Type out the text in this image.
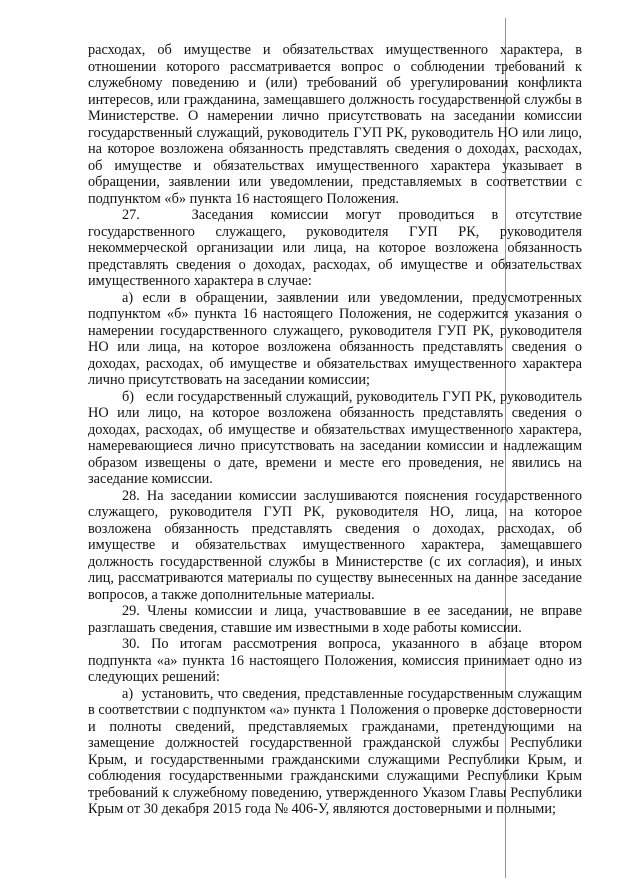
расходах, об имуществе и обязательствах имущественного характера, в отношении которого рассматривается вопрос о соблюдении требований к служебному поведению и (или) требований об урегулировании конфликта интересов, или гражданина, замещавшего должность государственной службы в Министерстве. О намерении лично присутствовать на заседании комиссии государственный служащий, руководитель ГУП РК, руководитель НО или лицо, на которое возложена обязанность представлять сведения о доходах, расходах, об имуществе и обязательствах имущественного характера указывает в обращении, заявлении или уведомлении, представляемых в соответствии с подпунктом «б» пункта 16 настоящего Положения.

27.   Заседания комиссии могут проводиться в отсутствие государственного служащего, руководителя ГУП РК, руководителя некоммерческой организации или лица, на которое возложена обязанность представлять сведения о доходах, расходах, об имуществе и обязательствах имущественного характера в случае:

а) если в обращении, заявлении или уведомлении, предусмотренных подпунктом «б» пункта 16 настоящего Положения, не содержится указания о намерении государственного служащего, руководителя ГУП РК, руководителя НО или лица, на которое возложена обязанность представлять сведения о доходах, расходах, об имуществе и обязательствах имущественного характера лично присутствовать на заседании комиссии;

б)   если государственный служащий, руководитель ГУП РК, руководитель НО или лицо, на которое возложена обязанность представлять сведения о доходах, расходах, об имуществе и обязательствах имущественного характера, намеревающиеся лично присутствовать на заседании комиссии и надлежащим образом извещены о дате, времени и месте его проведения, не явились на заседание комиссии.

28. На заседании комиссии заслушиваются пояснения государственного служащего, руководителя ГУП РК, руководителя НО, лица, на которое возложена обязанность представлять сведения о доходах, расходах, об имуществе и обязательствах имущественного характера, замещавшего должность государственной службы в Министерстве (с их согласия), и иных лиц, рассматриваются материалы по существу вынесенных на данное заседание вопросов, а также дополнительные материалы.

29. Члены комиссии и лица, участвовавшие в ее заседании, не вправе разглашать сведения, ставшие им известными в ходе работы комиссии.

30. По итогам рассмотрения вопроса, указанного в абзаце втором подпункта «а» пункта 16 настоящего Положения, комиссия принимает одно из следующих решений:

а)  установить, что сведения, представленные государственным служащим в соответствии с подпунктом «а» пункта 1 Положения о проверке достоверности и полноты сведений, представляемых гражданами, претендующими на замещение должностей государственной гражданской службы Республики Крым, и государственными гражданскими служащими Республики Крым, и соблюдения государственными гражданскими служащими Республики Крым требований к служебному поведению, утвержденного Указом Главы Республики Крым от 30 декабря 2015 года № 406-У, являются достоверными и полными;
